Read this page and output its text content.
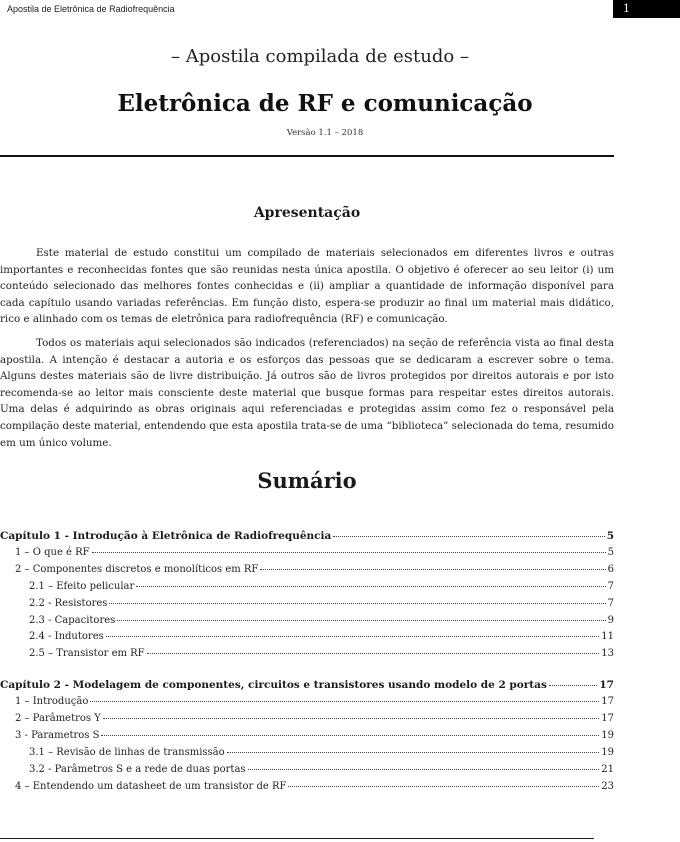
Apostila de Eletrônica de Radiofrequência	1
– Apostila compilada de estudo –
Eletrônica de RF e comunicação
Versão 1.1 – 2018
Apresentação

Este material de estudo constitui um compilado de materiais selecionados em diferentes livros e outras importantes e reconhecidas fontes que são reunidas nesta única apostila. O objetivo é oferecer ao seu leitor (i) um conteúdo selecionado das melhores fontes conhecidas e (ii) ampliar a quantidade de informação disponível para cada capítulo usando variadas referências. Em função disto, espera-se produzir ao final um material mais didático, rico e alinhado com os temas de eletrônica para radiofrequência (RF) e comunicação.

Todos os materiais aqui selecionados são indicados (referenciados) na seção de referência vista ao final desta apostila. A intenção é destacar a autoria e os esforços das pessoas que se dedicaram a escrever sobre o tema. Alguns destes materiais são de livre distribuição. Já outros são de livros protegidos por direitos autorais e por isto recomenda-se ao leitor mais consciente deste material que busque formas para respeitar estes direitos autorais. Uma delas é adquirindo as obras originais aqui referenciadas e protegidas assim como fez o responsável pela compilação deste material, entendendo que esta apostila trata-se de uma “biblioteca” selecionada do tema, resumido em um único volume.

Sumário
Capítulo 1 - Introdução à Eletrônica de Radiofrequência	5
1 – O que é RF	5
2 – Componentes discretos e monolíticos em RF	6
2.1 – Efeito pelicular	7
2.2 - Resistores	7
2.3 - Capacitores	9
2.4 - Indutores	11
2.5 – Transistor em RF	13
Capítulo 2 - Modelagem de componentes, circuitos e transistores usando modelo de 2 portas	17
1 – Introdução	17
2 – Parâmetros Y	17
3 - Parametros S	19
3.1 – Revisão de linhas de transmissão	19
3.2 - Parâmetros S e a rede de duas portas	21
4 – Entendendo um datasheet de um transistor de RF	23
